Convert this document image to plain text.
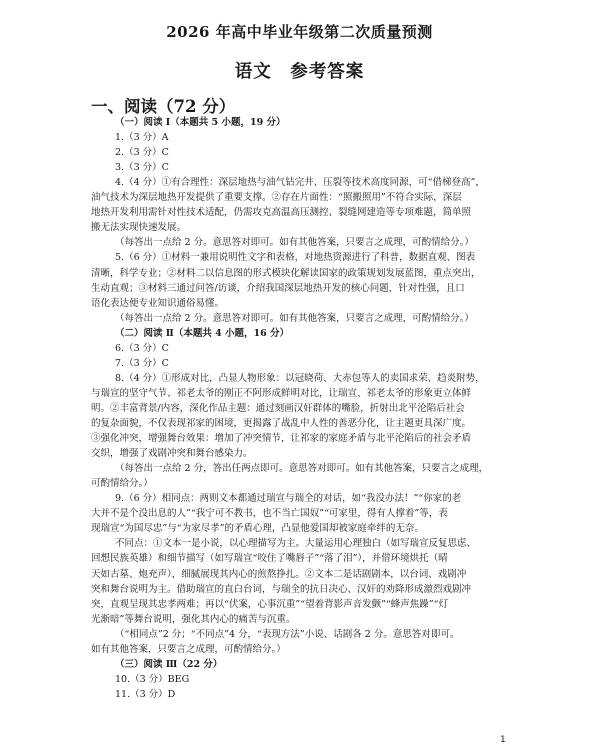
2026 年高中毕业年级第二次质量预测
语文　参考答案
一、阅读（72 分）
（一）阅读 Ⅰ（本题共 5 小题，19 分）
1.（3 分）A
2.（3 分）C
3.（3 分）C
4.（4 分）①有合理性：深层地热与油气钻完井、压裂等技术高度同源，可“借梯登高”，
油气技术为深层地热开发提供了重要支撑。②存在片面性：“照搬照用”不符合实际，深层
地热开发利用需针对性技术适配，仍需攻克高温高压测控、裂缝网建造等专项难题，简单照
搬无法实现快速发展。
（每答出一点给 2 分。意思答对即可。如有其他答案，只要言之成理，可酌情给分。）
5.（6 分）①材料一兼用说明性文字和表格，对地热资源进行了科普，数据直观、图表
清晰，科学专业；②材料二以信息图的形式模块化解读国家的政策规划发展蓝图，重点突出，
生动直观；③材料三通过问答/访谈，介绍我国深层地热开发的核心问题，针对性强，且口
语化表达便专业知识通俗易懂。
（每答出一点给 2 分。意思答对即可。如有其他答案，只要言之成理，可酌情给分。）
（二）阅读 Ⅱ（本题共 4 小题，16 分）
6.（3 分）C
7.（3 分）C
8.（4 分）①形成对比，凸显人物形象：以冠晓荷、大赤包等人的卖国求荣、趋炎附势，
与瑞宣的坚守气节、祁老太爷的刚正不阿形成鲜明对比，让瑞宣、祁老太爷的形象更立体鲜
明。②丰富背景/内容，深化作品主题：通过刻画汉奸群体的嘴脸，折射出北平沦陷后社会
的复杂面貌，不仅表现祁家的困境，更揭露了战乱中人性的善恶分化，让主题更具深广度。
③强化冲突，增强舞台效果：增加了冲突情节，让祁家的家庭矛盾与北平沦陷后的社会矛盾
交织，增强了戏剧冲突和舞台感染力。
（每答出一点给 2 分，答出任两点即可。意思答对即可。如有其他答案，只要言之成理，
可酌情给分。）
9.（6 分）相同点：两则文本都通过瑞宣与瑞全的对话，如“我没办法！”“你家的老
大并不是个没出息的人”“我宁可不教书，也不当亡国奴”“可家里，得有人撑着”等，表
现瑞宣“为国尽忠”与“为家尽孝”的矛盾心理，凸显他爱国却被家庭牵绊的无奈。
不同点：①文本一是小说，以心理描写为主。大量运用心理独白（如写瑞宣反复思虑、
回想民族英雄）和细节描写（如写瑞宣“咬住了嘴唇子”“落了泪”），并借环境烘托（晴
天如古墓、炮充声），细腻展现其内心的煎熬挣扎。②文本二是话剧剧本，以台词、戏剧冲
突和舞台说明为主。借助瑞宣的直白台词，与瑞全的抗日决心、汉奸的劝降形成激烈戏剧冲
突，直观呈现其忠孝两难；再以“伏案，心事沉重”“望着背影声音发颤”“蜂声焦躁”“灯
光渐暗”等舞台说明，强化其内心的痛苦与沉重。
（“相同点”2 分；“不同点”4 分，“表现方法”小说、话剧各 2 分。意思答对即可。
如有其他答案，只要言之成理，可酌情给分。）
（三）阅读 Ⅲ（22 分）
10.（3 分）BEG
11.（3 分）D
1
